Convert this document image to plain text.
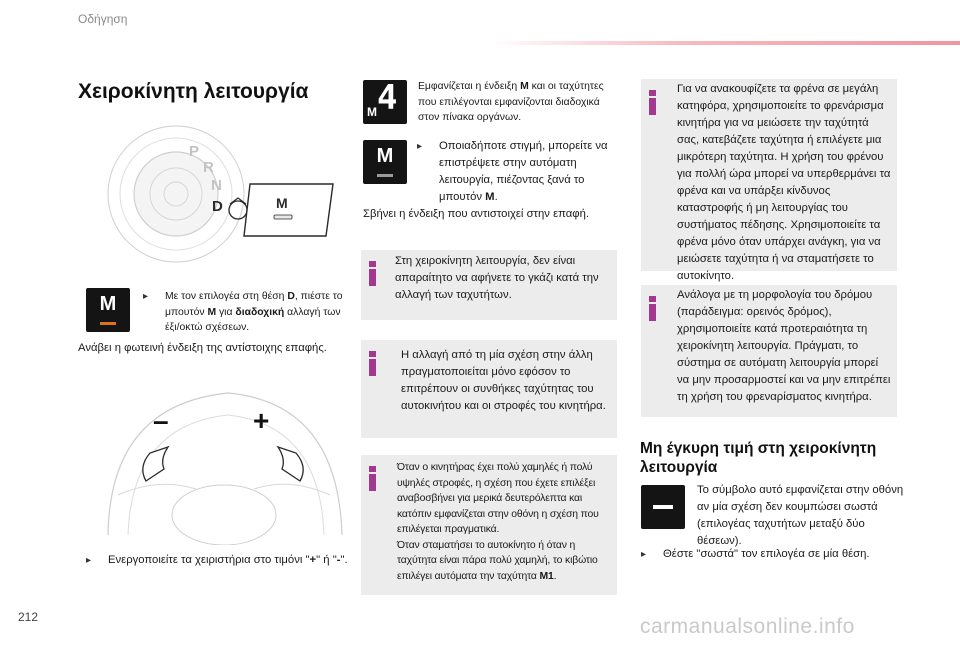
Οδήγηση
Χειροκίνητη λειτουργία
P
R
N
D	M
M	▸ Με τον επιλογέα στη θέση D, πιέστε το μπουτόν M για διαδοχική αλλαγή των έξι/οκτώ σχέσεων.
Ανάβει η φωτεινή ένδειξη της αντίστοιχης επαφής.
–	+
▸ Ενεργοποιείτε τα χειριστήρια στο τιμόνι "+" ή "-".
4
M
Εμφανίζεται η ένδειξη M και οι ταχύτητες που επιλέγονται εμφανίζονται διαδοχικά στον πίνακα οργάνων.
M	▸ Οποιαδήποτε στιγμή, μπορείτε να επιστρέψετε στην αυτόματη λειτουργία, πιέζοντας ξανά το μπουτόν M.
Σβήνει η ένδειξη που αντιστοιχεί στην επαφή.

Στη χειροκίνητη λειτουργία, δεν είναι απαραίτητο να αφήνετε το γκάζι κατά την αλλαγή των ταχυτήτων.

Η αλλαγή από τη μία σχέση στην άλλη πραγματοποιείται μόνο εφόσον το επιτρέπουν οι συνθήκες ταχύτητας του αυτοκινήτου και οι στροφές του κινητήρα.

Όταν ο κινητήρας έχει πολύ χαμηλές ή πολύ υψηλές στροφές, η σχέση που έχετε επιλέξει αναβοσβήνει για μερικά δευτερόλεπτα και κατόπιν εμφανίζεται στην οθόνη η σχέση που επιλέγεται πραγματικά.
Όταν σταματήσει το αυτοκίνητο ή όταν η ταχύτητα είναι πάρα πολύ χαμηλή, το κιβώτιο επιλέγει αυτόματα την ταχύτητα M1.

Για να ανακουφίζετε τα φρένα σε μεγάλη κατηφόρα, χρησιμοποιείτε το φρενάρισμα κινητήρα για να μειώσετε την ταχύτητά σας, κατεβάζετε ταχύτητα ή επιλέγετε μια μικρότερη ταχύτητα. Η χρήση του φρένου για πολλή ώρα μπορεί να υπερθερμάνει τα φρένα και να υπάρξει κίνδυνος καταστροφής ή μη λειτουργίας του συστήματος πέδησης. Χρησιμοποιείτε τα φρένα μόνο όταν υπάρχει ανάγκη, για να μειώσετε ταχύτητα ή να σταματήσετε το αυτοκίνητο.

Ανάλογα με τη μορφολογία του δρόμου (παράδειγμα: ορεινός δρόμος), χρησιμοποιείτε κατά προτεραιότητα τη χειροκίνητη λειτουργία. Πράγματι, το σύστημα σε αυτόματη λειτουργία μπορεί να μην προσαρμοστεί και να μην επιτρέπει τη χρήση του φρεναρίσματος κινητήρα.

Μη έγκυρη τιμή στη χειροκίνητη λειτουργία
Το σύμβολο αυτό εμφανίζεται στην οθόνη αν μία σχέση δεν κουμπώσει σωστά (επιλογέας ταχυτήτων μεταξύ δύο θέσεων).
▸ Θέστε "σωστά" τον επιλογέα σε μία θέση.
212	carmanualsonline.info
